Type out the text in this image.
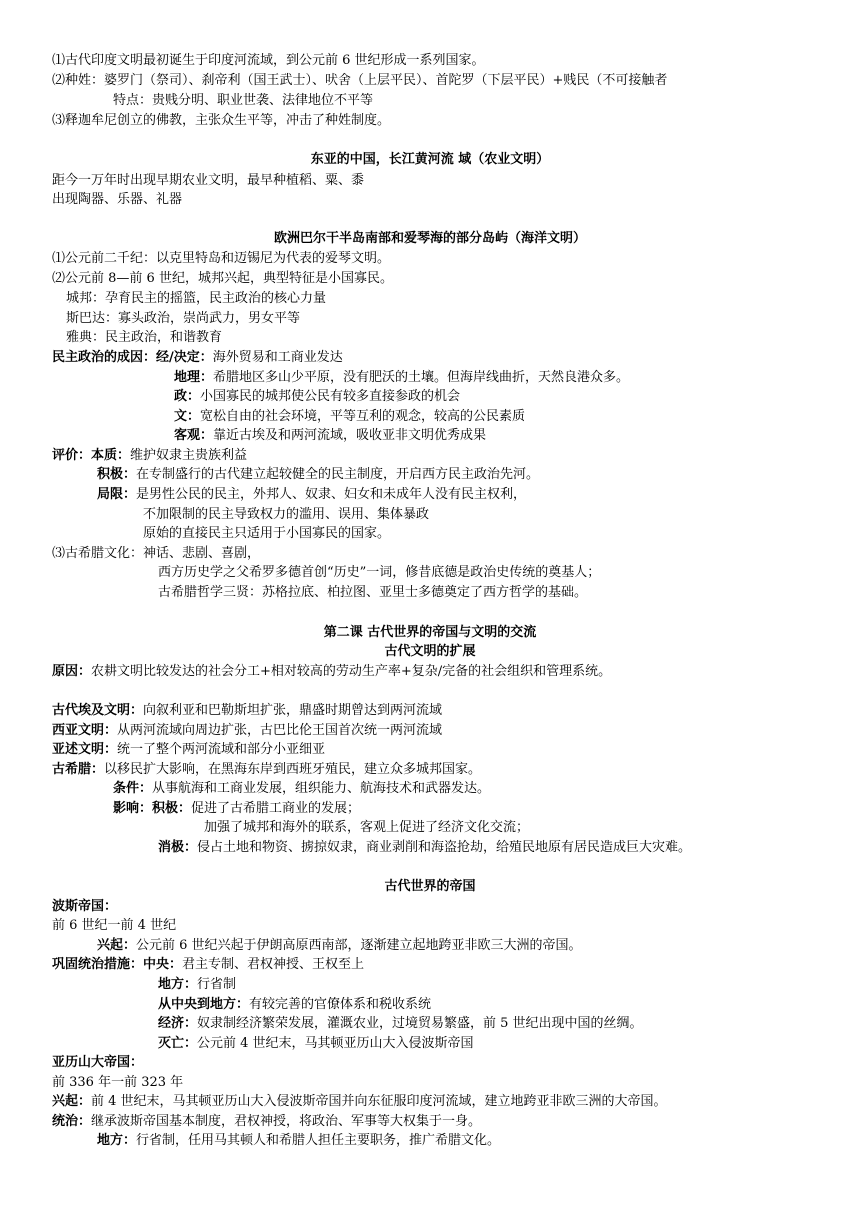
⑴古代印度文明最初诞生于印度河流域，到公元前 6 世纪形成一系列国家。
⑵种姓：婆罗门（祭司）、刹帝利（国王武士）、吠舍（上层平民）、首陀罗（下层平民）+贱民（不可接触者
特点：贵贱分明、职业世袭、法律地位不平等
⑶释迦牟尼创立的佛教，主张众生平等，冲击了种姓制度。
东亚的中国，长江黄河流 域（农业文明）
距今一万年时出现早期农业文明，最早种植稻、粟、黍
出现陶器、乐器、礼器
欧洲巴尔干半岛南部和爱琴海的部分岛屿（海洋文明）
⑴公元前二千纪：以克里特岛和迈锡尼为代表的爱琴文明。
⑵公元前 8—前 6 世纪，城邦兴起，典型特征是小国寡民。
城邦：孕育民主的摇篮，民主政治的核心力量
斯巴达：寡头政治，崇尚武力，男女平等
雅典：民主政治，和谐教育
民主政治的成因：经/决定：海外贸易和工商业发达
地理：希腊地区多山少平原，没有肥沃的土壤。但海岸线曲折，天然良港众多。
政：小国寡民的城邦使公民有较多直接参政的机会
文：宽松自由的社会环境，平等互利的观念，较高的公民素质
客观：靠近古埃及和两河流域，吸收亚非文明优秀成果
评价：本质：维护奴隶主贵族利益
积极：在专制盛行的古代建立起较健全的民主制度，开启西方民主政治先河。
局限：是男性公民的民主，外邦人、奴隶、妇女和未成年人没有民主权利，
不加限制的民主导致权力的滥用、误用、集体暴政
原始的直接民主只适用于小国寡民的国家。
⑶古希腊文化：神话、悲剧、喜剧，
西方历史学之父希罗多德首创“历史”一词，修昔底德是政治史传统的奠基人；
古希腊哲学三贤：苏格拉底、柏拉图、亚里士多德奠定了西方哲学的基础。
第二课 古代世界的帝国与文明的交流
古代文明的扩展
原因：农耕文明比较发达的社会分工+相对较高的劳动生产率+复杂/完备的社会组织和管理系统。
古代埃及文明：向叙利亚和巴勒斯坦扩张，鼎盛时期曾达到两河流域
西亚文明：从两河流域向周边扩张，古巴比伦王国首次统一两河流域
亚述文明：统一了整个两河流域和部分小亚细亚
古希腊：以移民扩大影响，在黑海东岸到西班牙殖民，建立众多城邦国家。
条件：从事航海和工商业发展，组织能力、航海技术和武器发达。
影响：积极：促进了古希腊工商业的发展；
加强了城邦和海外的联系，客观上促进了经济文化交流；
消极：侵占土地和物资、掳掠奴隶，商业剥削和海盗抢劫，给殖民地原有居民造成巨大灾难。
古代世界的帝国
波斯帝国：
前 6 世纪一前 4 世纪
兴起：公元前 6 世纪兴起于伊朗高原西南部，逐渐建立起地跨亚非欧三大洲的帝国。
巩固统治措施：中央：君主专制、君权神授、王权至上
地方：行省制
从中央到地方：有较完善的官僚体系和税收系统
经济：奴隶制经济繁荣发展，灌溉农业，过境贸易繁盛，前 5 世纪出现中国的丝绸。
灭亡：公元前 4 世纪末，马其顿亚历山大入侵波斯帝国
亚历山大帝国：
前 336 年一前 323 年
兴起：前 4 世纪末，马其顿亚历山大入侵波斯帝国并向东征服印度河流域，建立地跨亚非欧三洲的大帝国。
统治：继承波斯帝国基本制度，君权神授，将政治、军事等大权集于一身。
地方：行省制，任用马其顿人和希腊人担任主要职务，推广希腊文化。
